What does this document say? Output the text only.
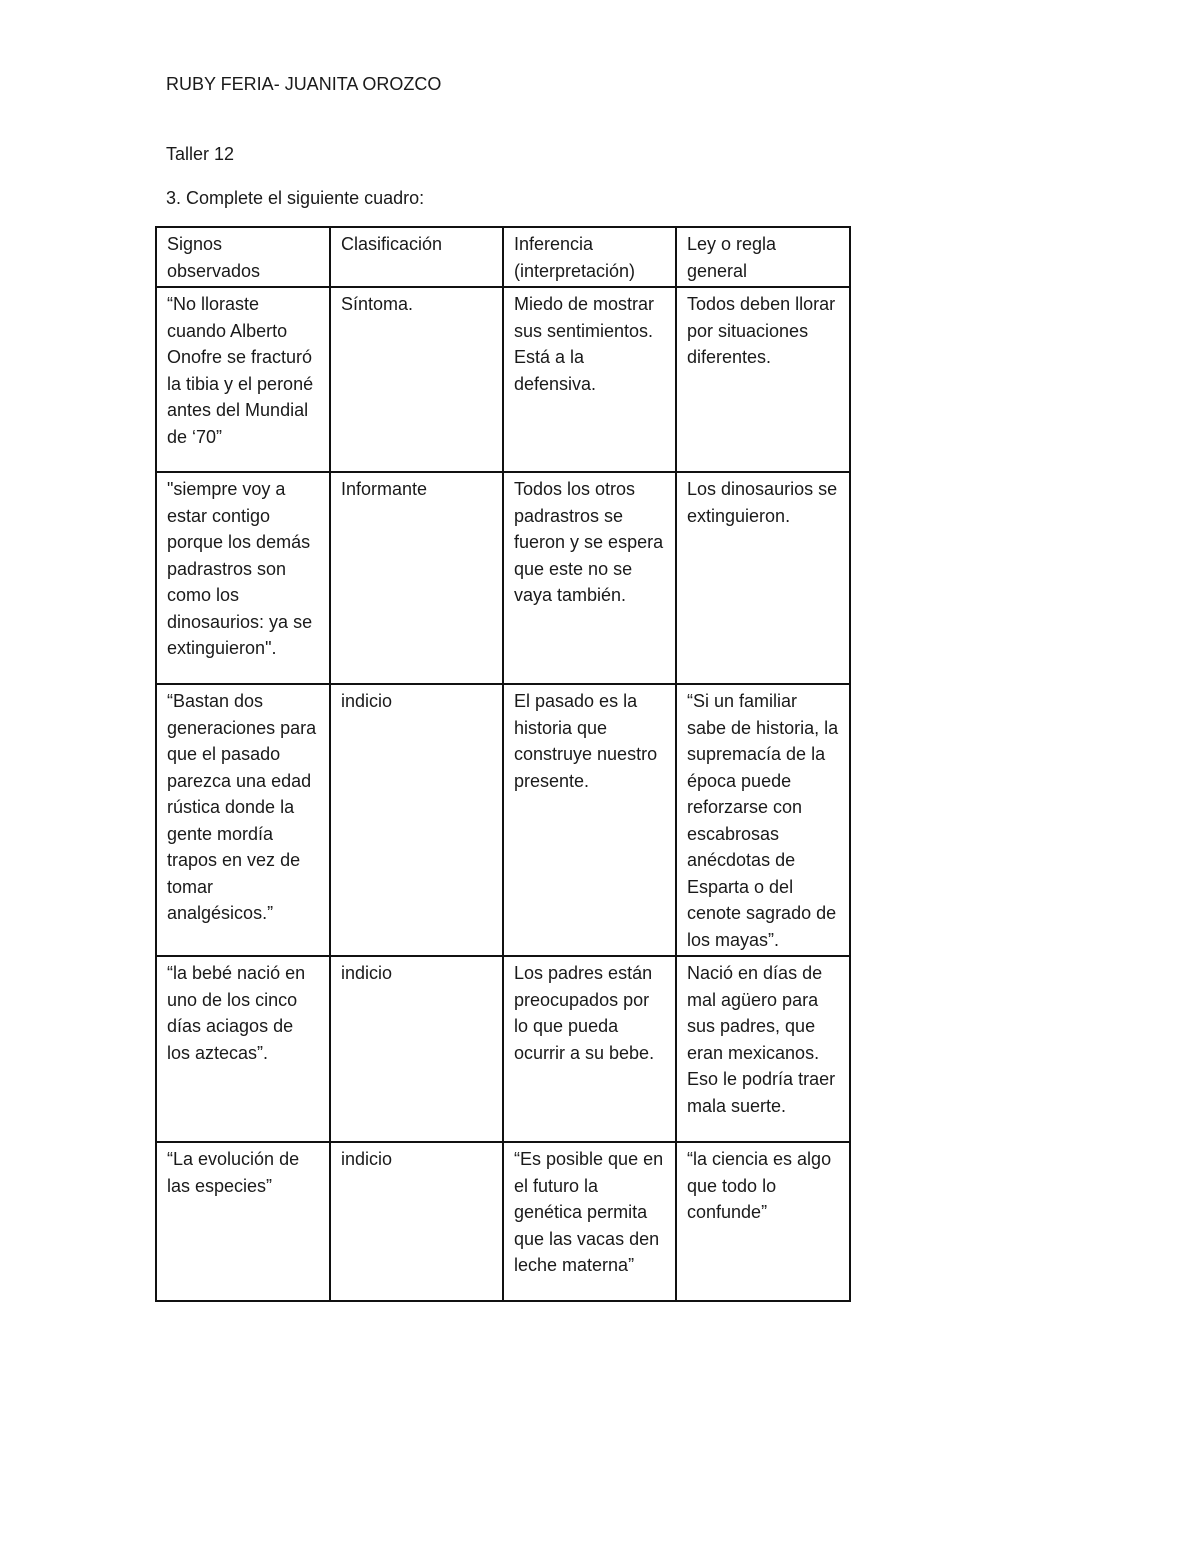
RUBY FERIA- JUANITA OROZCO
Taller 12
3. Complete el siguiente cuadro:
Signos observados	Clasificación	Inferencia (interpretación)	Ley o regla general
“No lloraste cuando Alberto Onofre se fracturó la tibia y el peroné antes del Mundial de ‘70”	Síntoma.	Miedo de mostrar sus sentimientos. Está a la defensiva.	Todos deben llorar por situaciones diferentes.
"siempre voy a estar contigo porque los demás padrastros son como los dinosaurios: ya se extinguieron".	Informante	Todos los otros padrastros se fueron y se espera que este no se vaya también.	Los dinosaurios se extinguieron.
“Bastan dos generaciones para que el pasado parezca una edad rústica donde la gente mordía trapos en vez de tomar analgésicos.”	indicio	El pasado es la historia que construye nuestro presente.	“Si un familiar sabe de historia, la supremacía de la época puede reforzarse con escabrosas anécdotas de Esparta o del cenote sagrado de los mayas”.
“la bebé nació en uno de los cinco días aciagos de los aztecas”.	indicio	Los padres están preocupados por lo que pueda ocurrir a su bebe.	Nació en días de mal agüero para sus padres, que eran mexicanos. Eso le podría traer mala suerte.
“La evolución de las especies”	indicio	“Es posible que en el futuro la genética permita que las vacas den leche materna”	“la ciencia es algo que todo lo confunde”
